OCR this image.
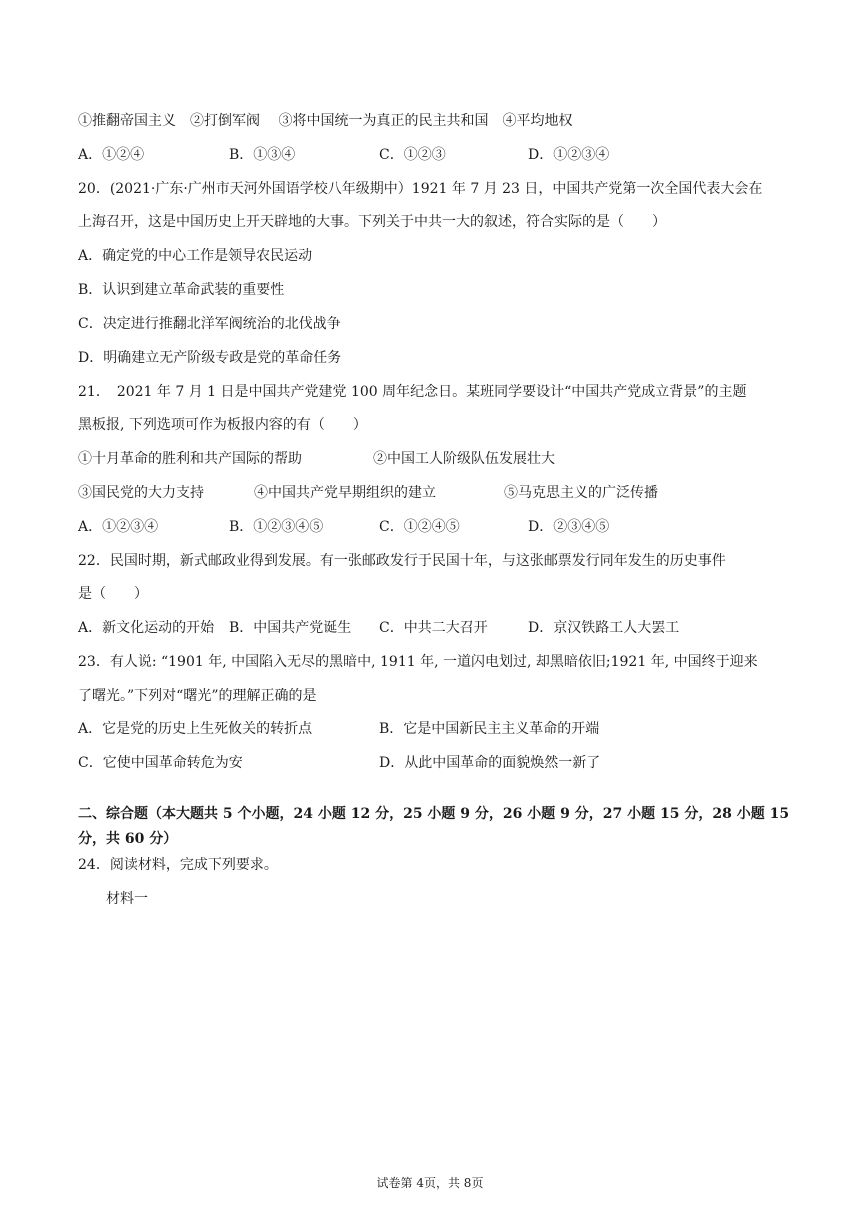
①推翻帝国主义　②打倒军阀　 ③将中国统一为真正的民主共和国　④平均地权
A．①②④	B．①③④	C．①②③	D．①②③④
20．(2021·广东·广州市天河外国语学校八年级期中）1921 年 7 月 23 日，中国共产党第一次全国代表大会在
上海召开，这是中国历史上开天辟地的大事。下列关于中共一大的叙述，符合实际的是（　　）
A．确定党的中心工作是领导农民运动
B．认识到建立革命武装的重要性
C．决定进行推翻北洋军阀统治的北伐战争
D．明确建立无产阶级专政是党的革命任务
21．　2021 年 7 月 1 日是中国共产党建党 100 周年纪念日。某班同学要设计“中国共产党成立背景”的主题
黑板报, 下列选项可作为板报内容的有（　　）
①十月革命的胜利和共产国际的帮助	②中国工人阶级队伍发展壮大
③国民党的大力支持	④中国共产党早期组织的建立	⑤马克思主义的广泛传播
A．①②③④	B．①②③④⑤	C．①②④⑤	D．②③④⑤
22．民国时期，新式邮政业得到发展。有一张邮政发行于民国十年，与这张邮票发行同年发生的历史事件
是（　　）
A．新文化运动的开始 B．中国共产党诞生 C．中共二大召开	D．京汉铁路工人大罢工
23．有人说: “1901 年, 中国陷入无尽的黑暗中, 1911 年, 一道闪电划过, 却黑暗依旧;1921 年, 中国终于迎来
了曙光。”下列对“曙光”的理解正确的是
A．它是党的历史上生死攸关的转折点	B．它是中国新民主主义革命的开端
C．它使中国革命转危为安	D．从此中国革命的面貌焕然一新了
二、综合题（本大题共 5 个小题，24 小题 12 分，25 小题 9 分，26 小题 9 分，27 小题 15 分，28 小题 15
分，共 60 分）
24．阅读材料，完成下列要求。
材料一
试卷第 4页，共 8页
